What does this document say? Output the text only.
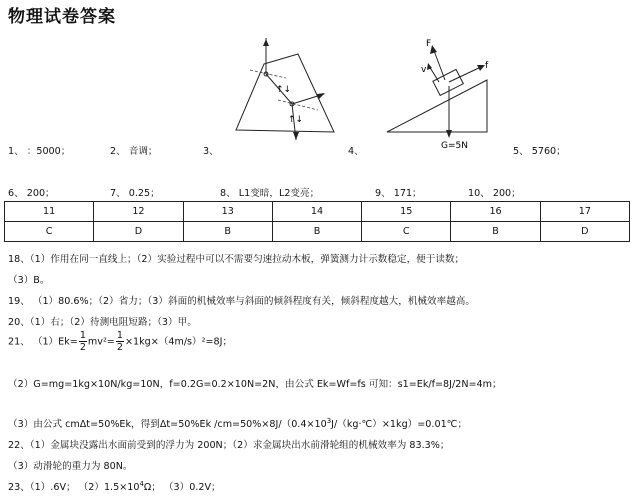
物理试卷答案
↑↓
↑↓
F
v	f
G=5N
1、 ：5000；	2、 音调；	3、	4、	5、 5760；
6、 200；	7、 0.25；	8、 L1变暗，L2变亮；	9、 171；	10、 200；
11	12	13	14	15	16	17
C	D	B	B	C	B	D
18、（1）作用在同一直线上；（2）实验过程中可以不需要匀速拉动木板，弹簧测力计示数稳定，便于读数；
（3）B。
19、 （1）80.6%；（2）省力；（3）斜面的机械效率与斜面的倾斜程度有关，倾斜程度越大，机械效率越高。
20、（1）右；（2）待测电阻短路；（3）甲。
21、 $(1)Ek= \frac{1}{2} mv^2= \frac{1}{2} \times 1kg\times(4m/s)^2=8J$；
（2）G=mg=1kg×10N/kg=10N，f=0.2G=0.2×10N=2N，由公式 Ek=Wf=fs 可知：s1=Ek/f=8J/2N=4m；
（3）由公式 cmΔt=50%Ek，得到Δt=50%Ek $/cm=50\%\times 8J/(0.4\times 10^3J/(kg\cdot℃)\times 1kg)=0.01℃$；
22、（1）金属块没露出水面前受到的浮力为 200N；（2）求金属块出水前滑轮组的机械效率为 83.3%；
（3）动滑轮的重力为 80N。
23、（1）.6V； $(2)1.5\times 10^4\Omega$； （3）0.2V；
